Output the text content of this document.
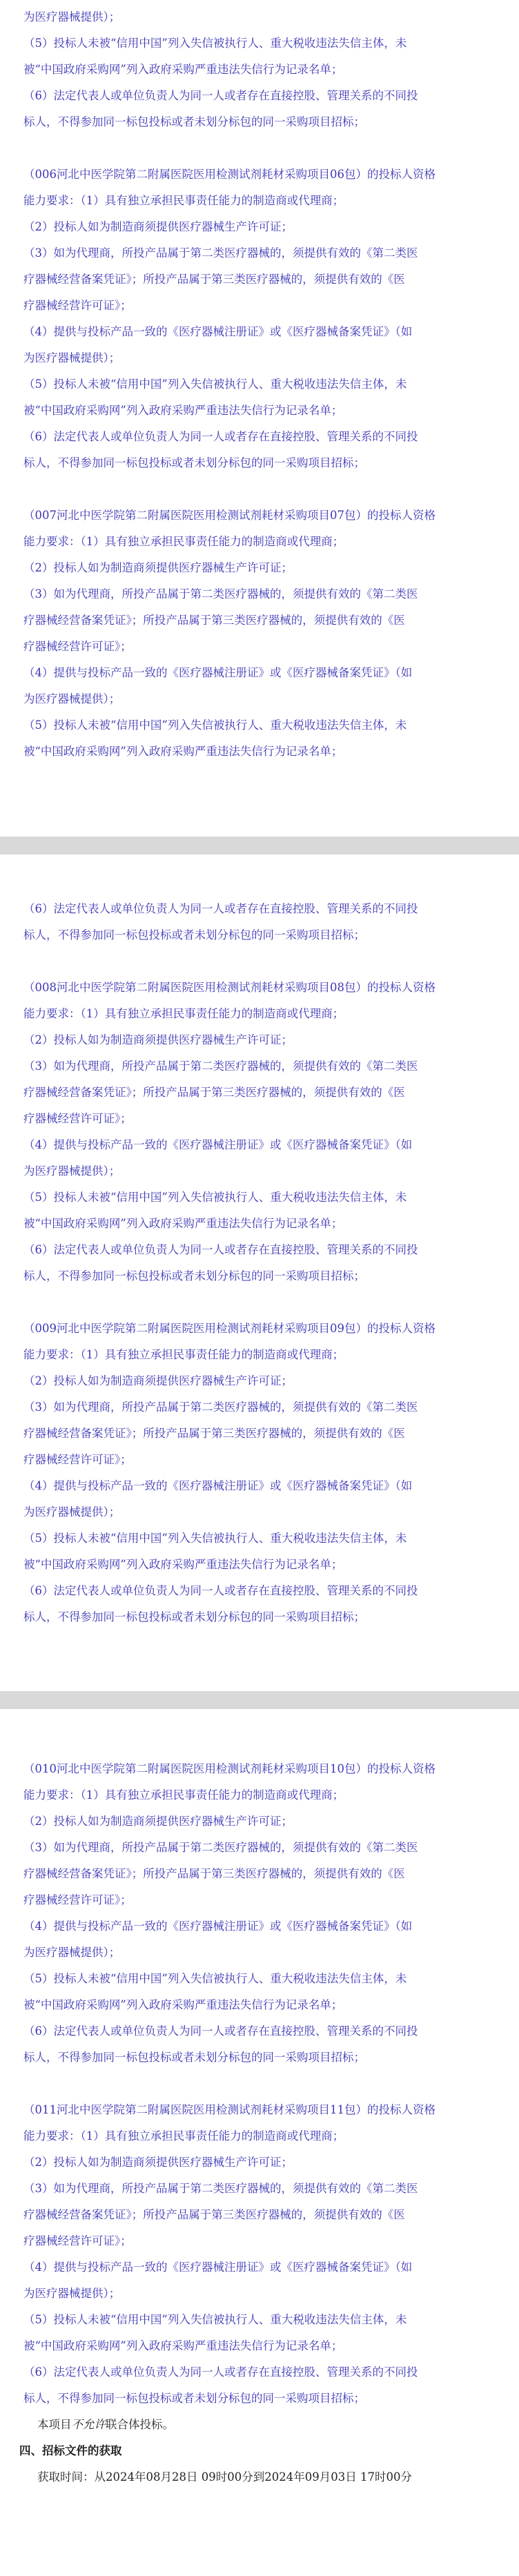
为医疗器械提供）；
（5）投标人未被“信用中国”列入失信被执行人、重大税收违法失信主体，未
被“中国政府采购网”列入政府采购严重违法失信行为记录名单；
（6）法定代表人或单位负责人为同一人或者存在直接控股、管理关系的不同投
标人，不得参加同一标包投标或者未划分标包的同一采购项目招标；
（006河北中医学院第二附属医院医用检测试剂耗材采购项目06包）的投标人资格
能力要求：（1）具有独立承担民事责任能力的制造商或代理商；
（2）投标人如为制造商须提供医疗器械生产许可证；
（3）如为代理商，所投产品属于第二类医疗器械的，须提供有效的《第二类医
疗器械经营备案凭证》；所投产品属于第三类医疗器械的，须提供有效的《医
疗器械经营许可证》；
（4）提供与投标产品一致的《医疗器械注册证》或《医疗器械备案凭证》（如
为医疗器械提供）；
（5）投标人未被“信用中国”列入失信被执行人、重大税收违法失信主体，未
被“中国政府采购网”列入政府采购严重违法失信行为记录名单；
（6）法定代表人或单位负责人为同一人或者存在直接控股、管理关系的不同投
标人，不得参加同一标包投标或者未划分标包的同一采购项目招标；
（007河北中医学院第二附属医院医用检测试剂耗材采购项目07包）的投标人资格
能力要求：（1）具有独立承担民事责任能力的制造商或代理商；
（2）投标人如为制造商须提供医疗器械生产许可证；
（3）如为代理商，所投产品属于第二类医疗器械的，须提供有效的《第二类医
疗器械经营备案凭证》；所投产品属于第三类医疗器械的，须提供有效的《医
疗器械经营许可证》；
（4）提供与投标产品一致的《医疗器械注册证》或《医疗器械备案凭证》（如
为医疗器械提供）；
（5）投标人未被“信用中国”列入失信被执行人、重大税收违法失信主体，未
被“中国政府采购网”列入政府采购严重违法失信行为记录名单；
（6）法定代表人或单位负责人为同一人或者存在直接控股、管理关系的不同投
标人，不得参加同一标包投标或者未划分标包的同一采购项目招标；
（008河北中医学院第二附属医院医用检测试剂耗材采购项目08包）的投标人资格
能力要求：（1）具有独立承担民事责任能力的制造商或代理商；
（2）投标人如为制造商须提供医疗器械生产许可证；
（3）如为代理商，所投产品属于第二类医疗器械的，须提供有效的《第二类医
疗器械经营备案凭证》；所投产品属于第三类医疗器械的，须提供有效的《医
疗器械经营许可证》；
（4）提供与投标产品一致的《医疗器械注册证》或《医疗器械备案凭证》（如
为医疗器械提供）；
（5）投标人未被“信用中国”列入失信被执行人、重大税收违法失信主体，未
被“中国政府采购网”列入政府采购严重违法失信行为记录名单；
（6）法定代表人或单位负责人为同一人或者存在直接控股、管理关系的不同投
标人，不得参加同一标包投标或者未划分标包的同一采购项目招标；
（009河北中医学院第二附属医院医用检测试剂耗材采购项目09包）的投标人资格
能力要求：（1）具有独立承担民事责任能力的制造商或代理商；
（2）投标人如为制造商须提供医疗器械生产许可证；
（3）如为代理商，所投产品属于第二类医疗器械的，须提供有效的《第二类医
疗器械经营备案凭证》；所投产品属于第三类医疗器械的，须提供有效的《医
疗器械经营许可证》；
（4）提供与投标产品一致的《医疗器械注册证》或《医疗器械备案凭证》（如
为医疗器械提供）；
（5）投标人未被“信用中国”列入失信被执行人、重大税收违法失信主体，未
被“中国政府采购网”列入政府采购严重违法失信行为记录名单；
（6）法定代表人或单位负责人为同一人或者存在直接控股、管理关系的不同投
标人，不得参加同一标包投标或者未划分标包的同一采购项目招标；
（010河北中医学院第二附属医院医用检测试剂耗材采购项目10包）的投标人资格
能力要求：（1）具有独立承担民事责任能力的制造商或代理商；
（2）投标人如为制造商须提供医疗器械生产许可证；
（3）如为代理商，所投产品属于第二类医疗器械的，须提供有效的《第二类医
疗器械经营备案凭证》；所投产品属于第三类医疗器械的，须提供有效的《医
疗器械经营许可证》；
（4）提供与投标产品一致的《医疗器械注册证》或《医疗器械备案凭证》（如
为医疗器械提供）；
（5）投标人未被“信用中国”列入失信被执行人、重大税收违法失信主体，未
被“中国政府采购网”列入政府采购严重违法失信行为记录名单；
（6）法定代表人或单位负责人为同一人或者存在直接控股、管理关系的不同投
标人，不得参加同一标包投标或者未划分标包的同一采购项目招标；
（011河北中医学院第二附属医院医用检测试剂耗材采购项目11包）的投标人资格
能力要求：（1）具有独立承担民事责任能力的制造商或代理商；
（2）投标人如为制造商须提供医疗器械生产许可证；
（3）如为代理商，所投产品属于第二类医疗器械的，须提供有效的《第二类医
疗器械经营备案凭证》；所投产品属于第三类医疗器械的，须提供有效的《医
疗器械经营许可证》；
（4）提供与投标产品一致的《医疗器械注册证》或《医疗器械备案凭证》（如
为医疗器械提供）；
（5）投标人未被“信用中国”列入失信被执行人、重大税收违法失信主体，未
被“中国政府采购网”列入政府采购严重违法失信行为记录名单；
（6）法定代表人或单位负责人为同一人或者存在直接控股、管理关系的不同投
标人，不得参加同一标包投标或者未划分标包的同一采购项目招标；
本项目不允许联合体投标。
四、招标文件的获取
获取时间：从2024年08月28日 09时00分到2024年09月03日 17时00分
